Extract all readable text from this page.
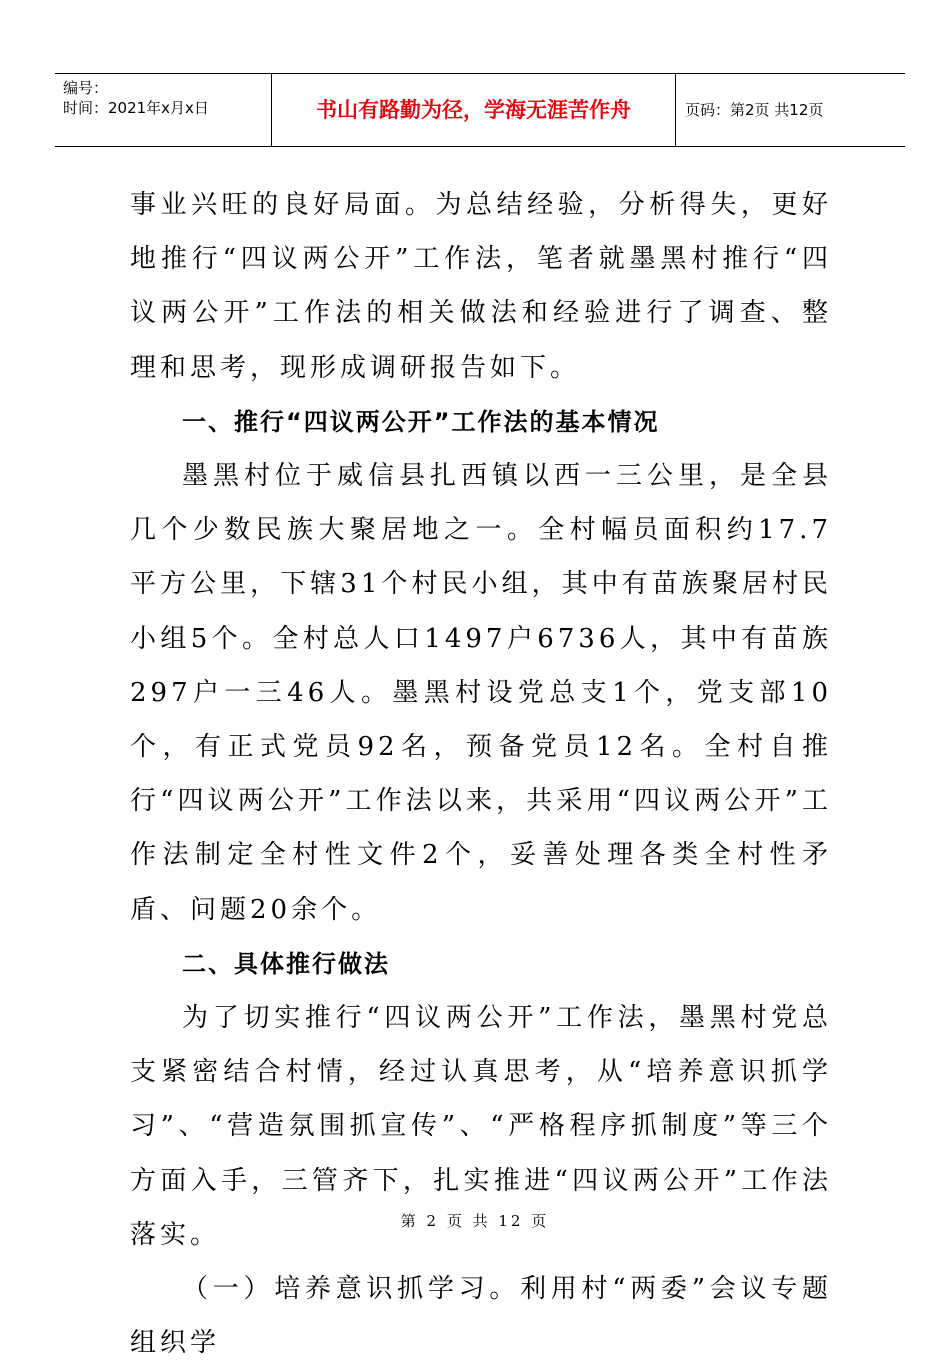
编号：
时间：2021年x月x日	书山有路勤为径，学海无涯苦作舟	页码：第2页 共12页

事业兴旺的良好局面。为总结经验，分析得失，更好地推行“四议两公开”工作法，笔者就墨黑村推行“四议两公开”工作法的相关做法和经验进行了调查、整理和思考，现形成调研报告如下。

一、推行“四议两公开”工作法的基本情况

墨黑村位于威信县扎西镇以西一三公里，是全县几个少数民族大聚居地之一。全村幅员面积约17.7平方公里，下辖31个村民小组，其中有苗族聚居村民小组5个。全村总人口1497户6736人，其中有苗族297户一三46人。墨黑村设党总支1个，党支部10个，有正式党员92名，预备党员12名。全村自推行“四议两公开”工作法以来，共采用“四议两公开”工作法制定全村性文件2个，妥善处理各类全村性矛盾、问题20余个。

二、具体推行做法

为了切实推行“四议两公开”工作法，墨黑村党总支紧密结合村情，经过认真思考，从“培养意识抓学习”、“营造氛围抓宣传”、“严格程序抓制度”等三个方面入手，三管齐下，扎实推进“四议两公开”工作法落实。

（一）培养意识抓学习。利用村“两委”会议专题组织学

第 2 页 共 12 页
